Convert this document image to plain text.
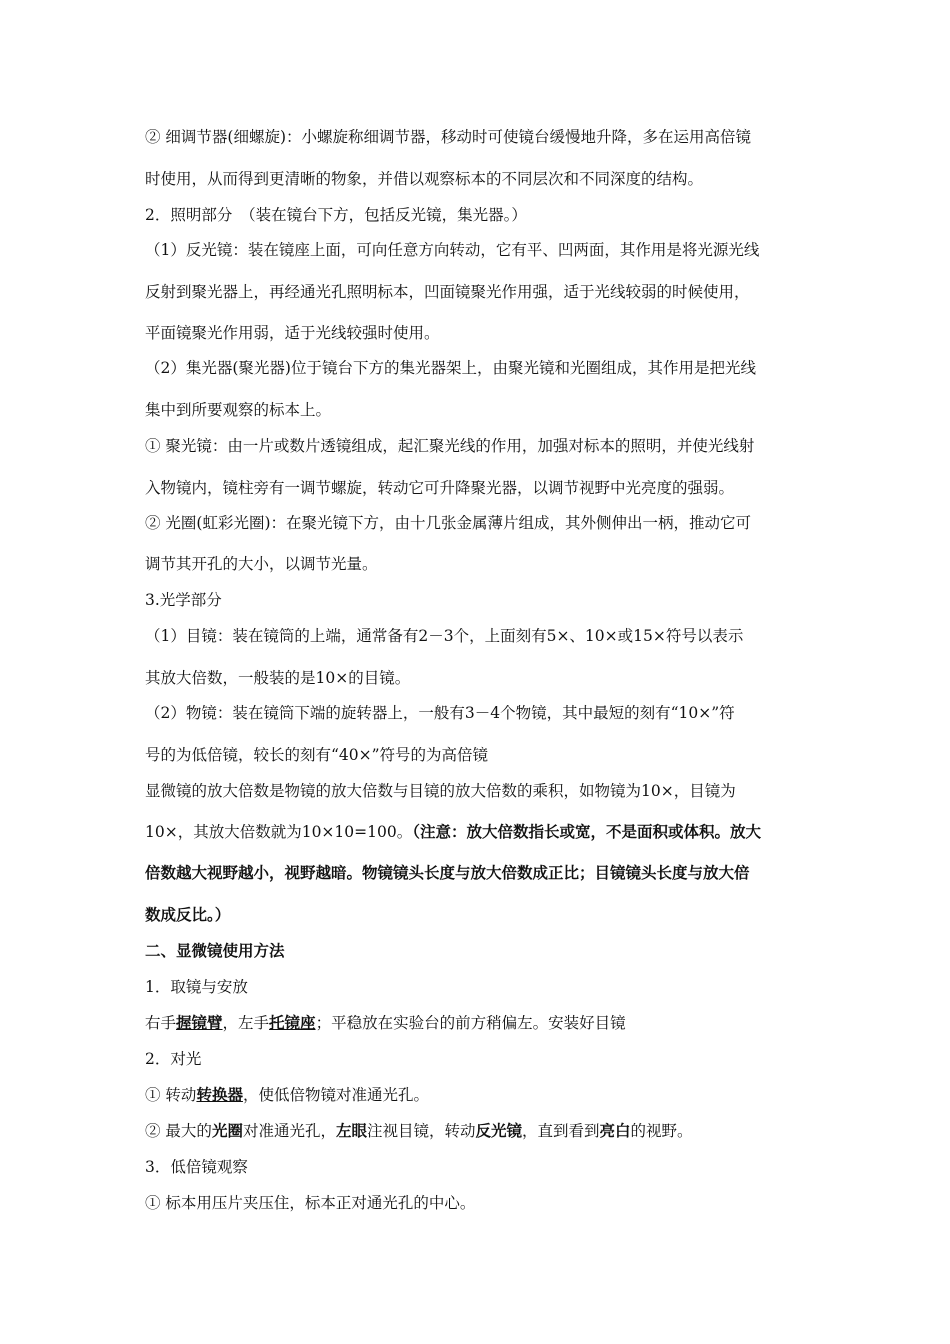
② 细调节器(细螺旋)：小螺旋称细调节器，移动时可使镜台缓慢地升降，多在运用高倍镜
时使用，从而得到更清晰的物象，并借以观察标本的不同层次和不同深度的结构。
2．照明部分　（装在镜台下方，包括反光镜，集光器。）
（1）反光镜：装在镜座上面，可向任意方向转动，它有平、凹两面，其作用是将光源光线
反射到聚光器上，再经通光孔照明标本，凹面镜聚光作用强，适于光线较弱的时候使用，
平面镜聚光作用弱，适于光线较强时使用。
（2）集光器(聚光器)位于镜台下方的集光器架上，由聚光镜和光圈组成，其作用是把光线
集中到所要观察的标本上。
① 聚光镜：由一片或数片透镜组成，起汇聚光线的作用，加强对标本的照明，并使光线射
入物镜内，镜柱旁有一调节螺旋，转动它可升降聚光器，以调节视野中光亮度的强弱。
② 光圈(虹彩光圈)：在聚光镜下方，由十几张金属薄片组成，其外侧伸出一柄，推动它可
调节其开孔的大小，以调节光量。
3.光学部分
（1）目镜：装在镜筒的上端，通常备有2－3个，上面刻有5×、10×或15×符号以表示
其放大倍数，一般装的是10×的目镜。
（2）物镜：装在镜筒下端的旋转器上，一般有3－4个物镜，其中最短的刻有“10×”符
号的为低倍镜，较长的刻有“40×”符号的为高倍镜
显微镜的放大倍数是物镜的放大倍数与目镜的放大倍数的乘积，如物镜为10×，目镜为
10×，其放大倍数就为10×10=100。（注意：放大倍数指长或宽，不是面积或体积。放大
倍数越大视野越小，视野越暗。物镜镜头长度与放大倍数成正比；目镜镜头长度与放大倍
数成反比。）
二、显微镜使用方法
1．取镜与安放
右手握镜臂，左手托镜座；平稳放在实验台的前方稍偏左。安装好目镜
2．对光
① 转动转换器，使低倍物镜对准通光孔。
② 最大的光圈对准通光孔，左眼注视目镜，转动反光镜，直到看到亮白的视野。
3．低倍镜观察
① 标本用压片夹压住，标本正对通光孔的中心。
